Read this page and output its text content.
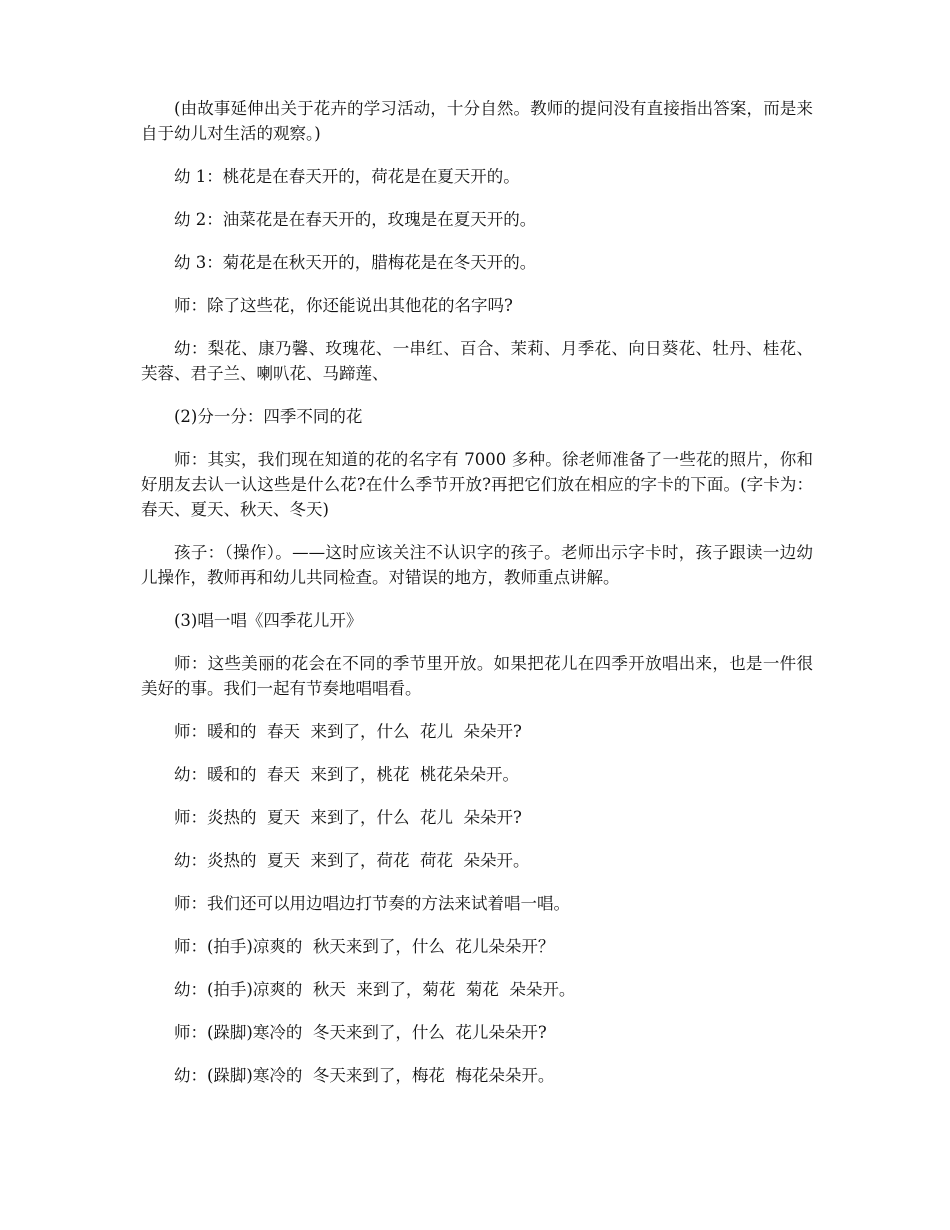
(由故事延伸出关于花卉的学习活动，十分自然。教师的提问没有直接指出答案，而是来自于幼儿对生活的观察。)

幼 1：桃花是在春天开的，荷花是在夏天开的。

幼 2：油菜花是在春天开的，玫瑰是在夏天开的。

幼 3：菊花是在秋天开的，腊梅花是在冬天开的。

师：除了这些花，你还能说出其他花的名字吗?

幼：梨花、康乃馨、玫瑰花、一串红、百合、茉莉、月季花、向日葵花、牡丹、桂花、芙蓉、君子兰、喇叭花、马蹄莲、

(2)分一分：四季不同的花

师：其实，我们现在知道的花的名字有 7000 多种。徐老师准备了一些花的照片，你和好朋友去认一认这些是什么花?在什么季节开放?再把它们放在相应的字卡的下面。(字卡为：春天、夏天、秋天、冬天)

孩子：（操作）。——这时应该关注不认识字的孩子。老师出示字卡时，孩子跟读一边幼儿操作，教师再和幼儿共同检查。对错误的地方，教师重点讲解。

(3)唱一唱《四季花儿开》

师：这些美丽的花会在不同的季节里开放。如果把花儿在四季开放唱出来，也是一件很美好的事。我们一起有节奏地唱唱看。

师：暖和的  春天  来到了，什么  花儿  朵朵开?

幼：暖和的  春天  来到了，桃花  桃花朵朵开。

师：炎热的  夏天  来到了，什么  花儿  朵朵开?

幼：炎热的  夏天  来到了，荷花  荷花  朵朵开。

师：我们还可以用边唱边打节奏的方法来试着唱一唱。

师：(拍手)凉爽的  秋天来到了，什么  花儿朵朵开？

幼：(拍手)凉爽的  秋天  来到了，菊花  菊花  朵朵开。

师：(跺脚)寒冷的  冬天来到了，什么  花儿朵朵开?

幼：(跺脚)寒冷的  冬天来到了，梅花  梅花朵朵开。
